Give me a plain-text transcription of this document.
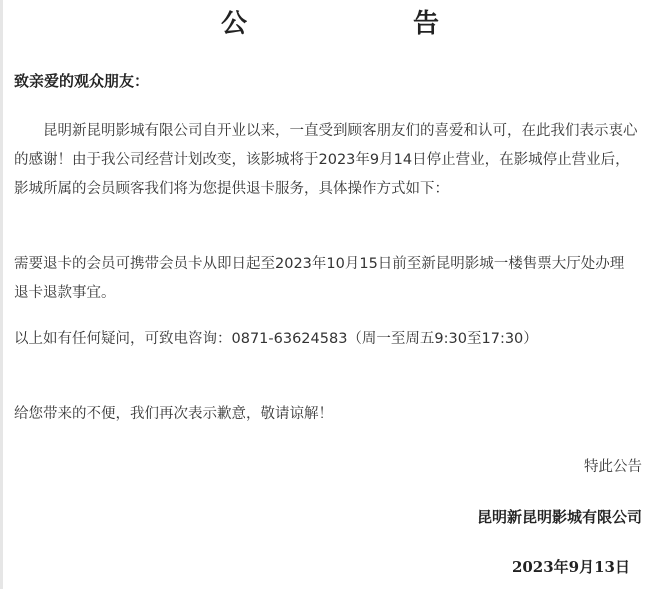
公　　告
致亲爱的观众朋友：

昆明新昆明影城有限公司自开业以来，一直受到顾客朋友们的喜爱和认可，在此我们表示衷心的感谢！由于我公司经营计划改变，该影城将于2023年9月14日停止营业，在影城停止营业后，影城所属的会员顾客我们将为您提供退卡服务，具体操作方式如下：

需要退卡的会员可携带会员卡从即日起至2023年10月15日前至新昆明影城一楼售票大厅处办理退卡退款事宜。

以上如有任何疑问，可致电咨询：0871-63624583（周一至周五9:30至17:30）

给您带来的不便，我们再次表示歉意，敬请谅解！

特此公告
昆明新昆明影城有限公司
2023年9月13日
